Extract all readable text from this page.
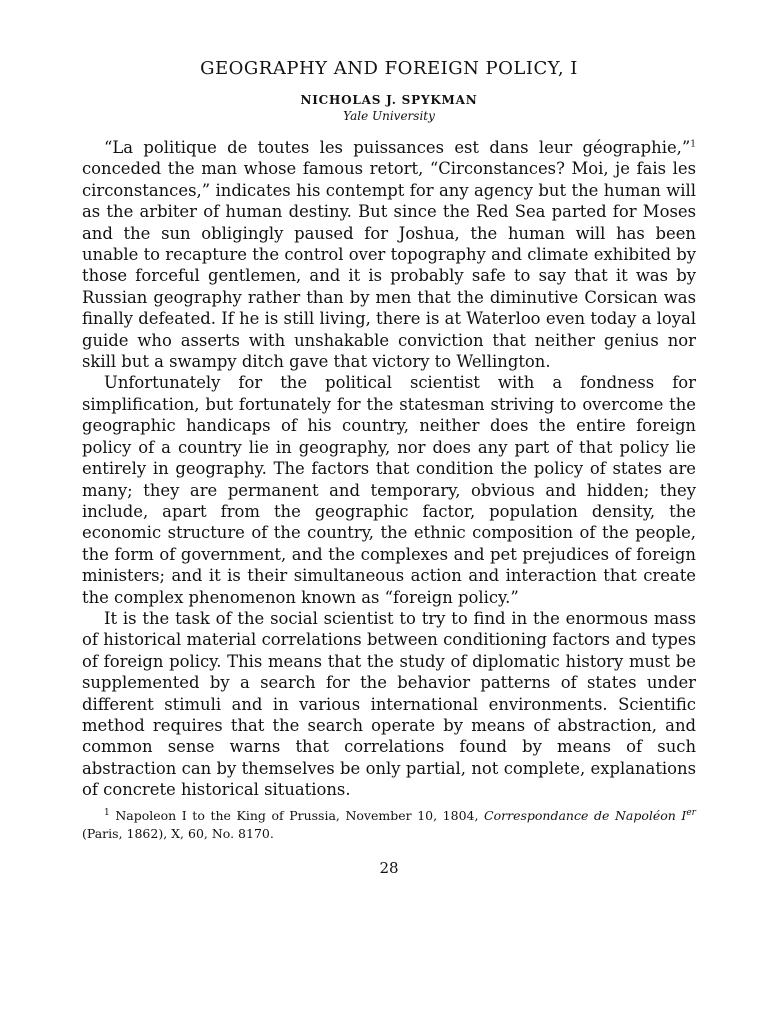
GEOGRAPHY AND FOREIGN POLICY, I

NICHOLAS J. SPYKMAN

Yale University

“La politique de toutes les puissances est dans leur géographie,”$^1$ conceded the man whose famous retort, “Circonstances? Moi, je fais les circonstances,” indicates his contempt for any agency but the human will as the arbiter of human destiny. But since the Red Sea parted for Moses and the sun obligingly paused for Joshua, the human will has been unable to recapture the control over topography and climate exhibited by those forceful gentlemen, and it is probably safe to say that it was by Russian geography rather than by men that the diminutive Corsican was finally defeated. If he is still living, there is at Waterloo even today a loyal guide who asserts with unshakable conviction that neither genius nor skill but a swampy ditch gave that victory to Wellington.

Unfortunately for the political scientist with a fondness for simplification, but fortunately for the statesman striving to overcome the geographic handicaps of his country, neither does the entire foreign policy of a country lie in geography, nor does any part of that policy lie entirely in geography. The factors that condition the policy of states are many; they are permanent and temporary, obvious and hidden; they include, apart from the geographic factor, population density, the economic structure of the country, the ethnic composition of the people, the form of government, and the complexes and pet prejudices of foreign ministers; and it is their simultaneous action and interaction that create the complex phenomenon known as “foreign policy.”

It is the task of the social scientist to try to find in the enormous mass of historical material correlations between conditioning factors and types of foreign policy. This means that the study of diplomatic history must be supplemented by a search for the behavior patterns of states under different stimuli and in various international environments. Scientific method requires that the search operate by means of abstraction, and common sense warns that correlations found by means of such abstraction can by themselves be only partial, not complete, explanations of concrete historical situations.

$^1$ Napoleon I to the King of Prussia, November 10, 1804, Correspondance de Napoléon Ier (Paris, 1862), X, 60, No. 8170.
28
